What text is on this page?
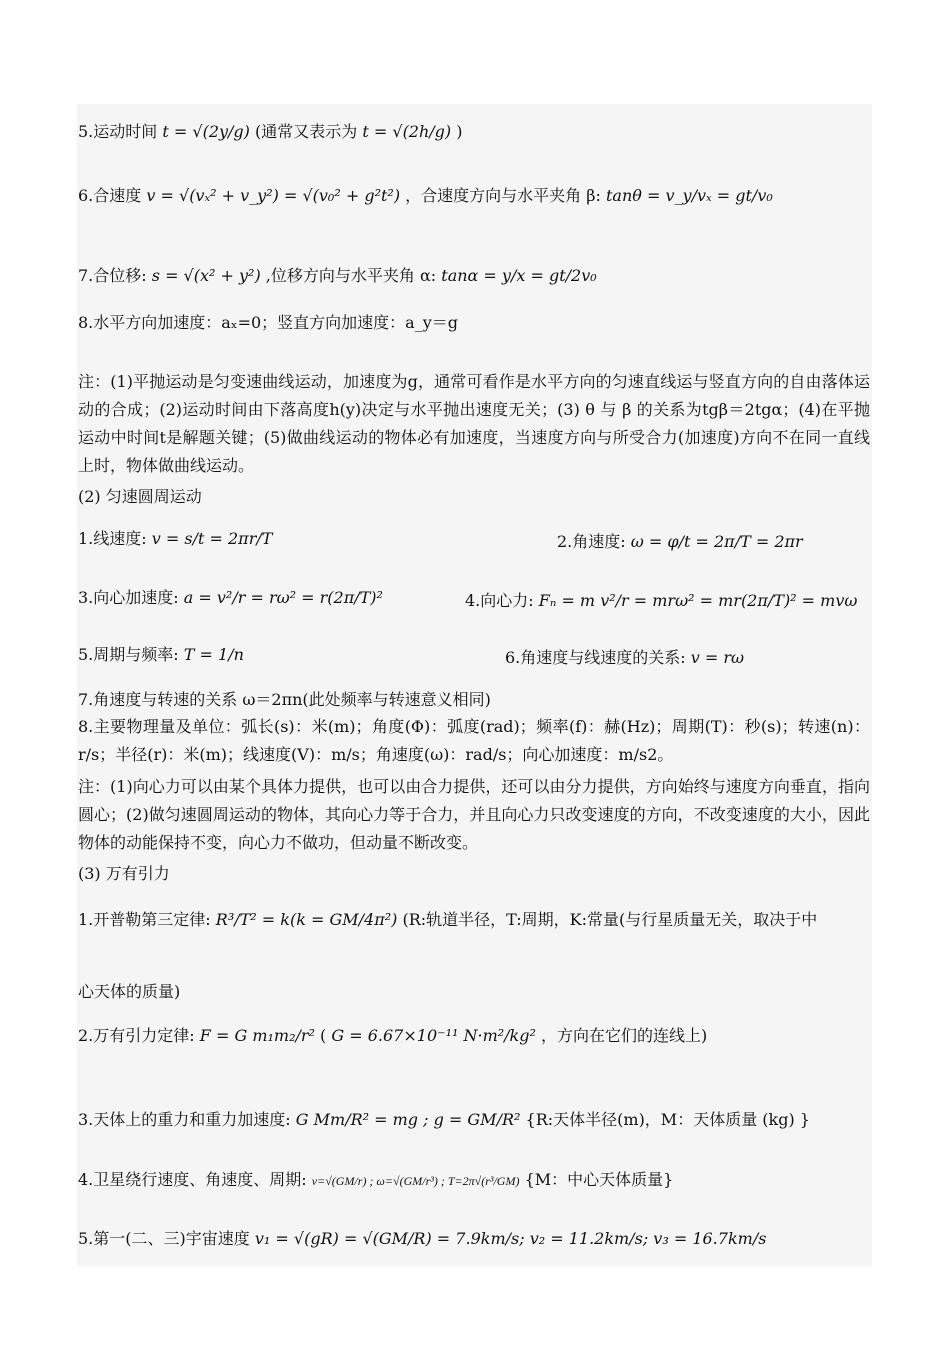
5.运动时间 t = √(2y/g) (通常又表示为 t = √(2h/g) )
6.合速度 v = √(vₓ² + v_y²) = √(v₀² + g²t²) ，合速度方向与水平夹角 β: tanθ = v_y/vₓ = gt/v₀
7.合位移: s = √(x² + y²) ,位移方向与水平夹角 α: tanα = y/x = gt/2v₀
8.水平方向加速度：aₓ=0；竖直方向加速度：a_y＝g
注：(1)平抛运动是匀变速曲线运动，加速度为g，通常可看作是水平方向的匀速直线运与竖直方向的自由落体运动的合成；(2)运动时间由下落高度h(y)决定与水平抛出速度无关；(3) θ 与 β 的关系为tgβ＝2tgα；(4)在平抛运动中时间t是解题关键；(5)做曲线运动的物体必有加速度，当速度方向与所受合力(加速度)方向不在同一直线上时，物体做曲线运动。
(2) 匀速圆周运动
1.线速度: v = s/t = 2πr/T	2.角速度: ω = φ/t = 2π/T = 2πr
3.向心加速度: a = v²/r = rω² = r(2π/T)²	4.向心力: Fₙ = m v²/r = mrω² = mr(2π/T)² = mvω
5.周期与频率: T = 1/n	6.角速度与线速度的关系: v = rω
7.角速度与转速的关系 ω＝2πn(此处频率与转速意义相同)
8.主要物理量及单位：弧长(s)：米(m)；角度(Φ)：弧度(rad)；频率(f)：赫(Hz)；周期(T)：秒(s)；转速(n)：r/s；半径(r)：米(m)；线速度(V)：m/s；角速度(ω)：rad/s；向心加速度：m/s2。
注：(1)向心力可以由某个具体力提供，也可以由合力提供，还可以由分力提供，方向始终与速度方向垂直，指向圆心；(2)做匀速圆周运动的物体，其向心力等于合力，并且向心力只改变速度的方向，不改变速度的大小，因此物体的动能保持不变，向心力不做功，但动量不断改变。
(3) 万有引力
1.开普勒第三定律: R³/T² = k(k = GM/4π²) (R:轨道半径，T:周期，K:常量(与行星质量无关，取决于中
心天体的质量)
2.万有引力定律: F = G m₁m₂/r² ( G = 6.67×10⁻¹¹ N·m²/kg² ，方向在它们的连线上)
3.天体上的重力和重力加速度: G Mm/R² = mg ; g = GM/R² {R:天体半径(m)，M：天体质量 (kg) }
4.卫星绕行速度、角速度、周期: v=√(GM/r) ; ω=√(GM/r³) ; T=2π√(r³/GM) {M：中心天体质量}
5.第一(二、三)宇宙速度 v₁ = √(gR) = √(GM/R) = 7.9km/s; v₂ = 11.2km/s; v₃ = 16.7km/s
